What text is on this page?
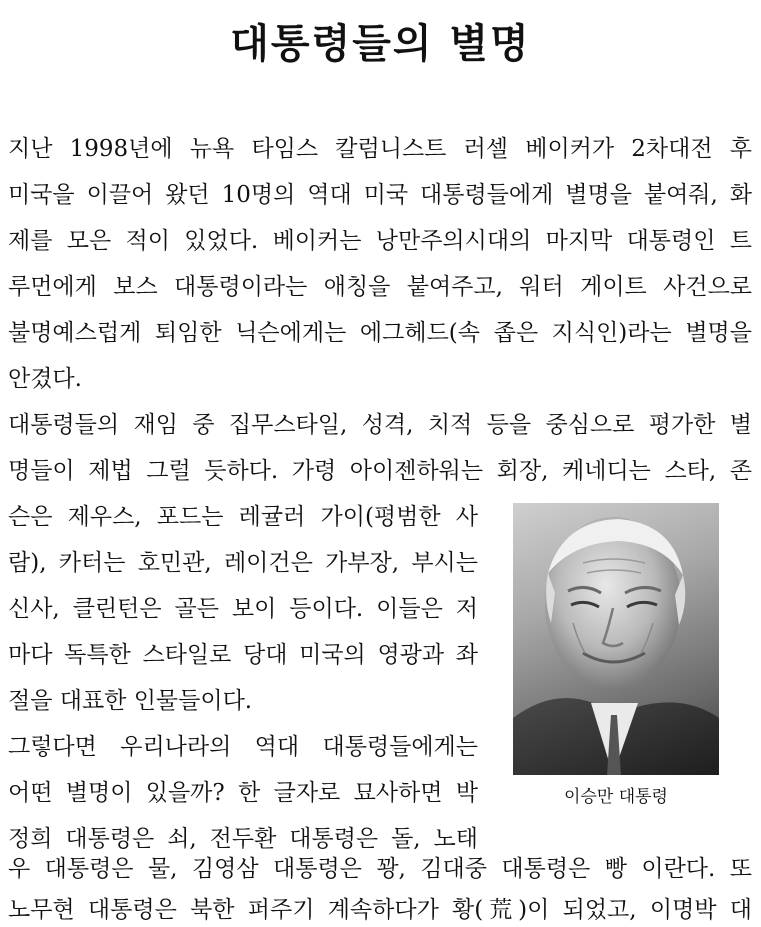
대통령들의 별명
지난 1998년에 뉴욕 타임스 칼럼니스트 러셀 베이커가 2차대전 후
미국을 이끌어 왔던 10명의 역대 미국 대통령들에게 별명을 붙여줘, 화
제를 모은 적이 있었다. 베이커는 낭만주의시대의 마지막 대통령인 트
루먼에게 보스 대통령이라는 애칭을 붙여주고, 워터 게이트 사건으로
불명예스럽게 퇴임한 닉슨에게는 에그헤드(속 좁은 지식인)라는 별명을
안겼다.
대통령들의 재임 중 집무스타일, 성격, 치적 등을 중심으로 평가한 별
명들이 제법 그럴 듯하다. 가령 아이젠하워는 회장, 케네디는 스타, 존
슨은 제우스, 포드는 레귤러 가이(평범한 사
람), 카터는 호민관, 레이건은 가부장, 부시는
신사, 클린턴은 골든 보이 등이다. 이들은 저
마다 독특한 스타일로 당대 미국의 영광과 좌
절을 대표한 인물들이다.
그렇다면 우리나라의 역대 대통령들에게는
어떤 별명이 있을까? 한 글자로 묘사하면 박
정희 대통령은 쇠, 전두환 대통령은 돌, 노태
우 대통령은 물, 김영삼 대통령은 꽝, 김대중 대통령은 빵 이란다. 또
노무현 대통령은 북한 퍼주기 계속하다가 황(荒)이 되었고, 이명박 대
이승만 대통령
